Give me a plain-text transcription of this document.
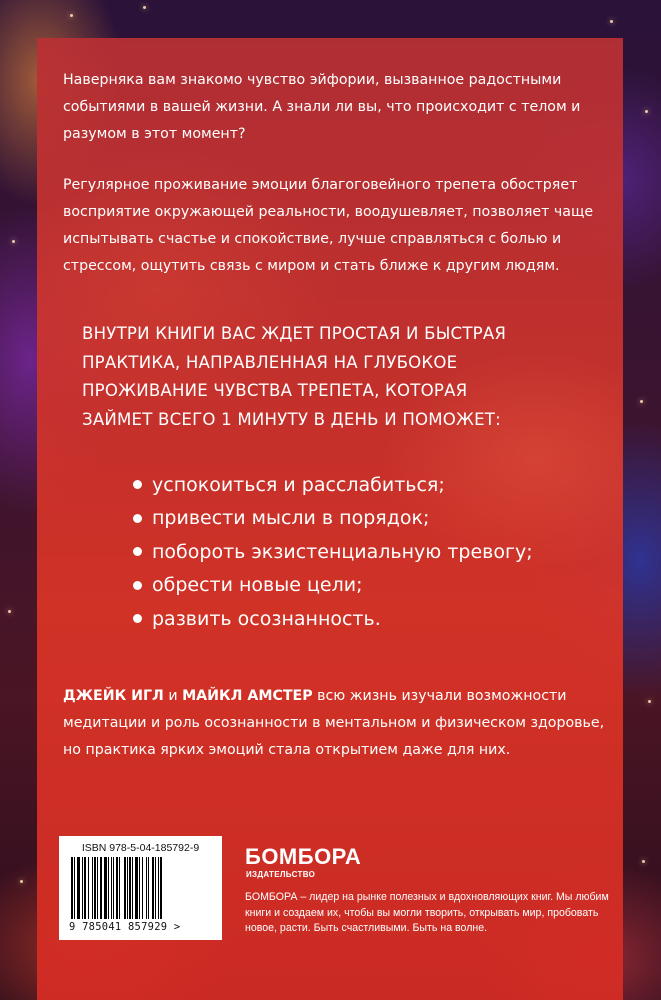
Наверняка вам знакомо чувство эйфории, вызванное радостными событиями в вашей жизни. А знали ли вы, что происходит с телом и разумом в этот момент?

Регулярное проживание эмоции благоговейного трепета обостряет восприятие окружающей реальности, воодушевляет, позволяет чаще испытывать счастье и спокойствие, лучше справляться с болью и стрессом, ощутить связь с миром и стать ближе к другим людям.

ВНУТРИ КНИГИ ВАС ЖДЕТ ПРОСТАЯ И БЫСТРАЯ
ПРАКТИКА, НАПРАВЛЕННАЯ НА ГЛУБОКОЕ
ПРОЖИВАНИЕ ЧУВСТВА ТРЕПЕТА, КОТОРАЯ
ЗАЙМЕТ ВСЕГО 1 МИНУТУ В ДЕНЬ И ПОМОЖЕТ:
успокоиться и расслабиться;
привести мысли в порядок;
побороть экзистенциальную тревогу;
обрести новые цели;
развить осознанность.

ДЖЕЙК ИГЛ и МАЙКЛ АМСТЕР всю жизнь изучали возможности медитации и роль осознанности в ментальном и физическом здоровье, но практика ярких эмоций стала открытием даже для них.

ISBN 978-5-04-185792-9
9 785041 857929 >
БОМБОРА
ИЗДАТЕЛЬСТВО

БОМБОРА – лидер на рынке полезных и вдохновляющих книг. Мы любим книги и создаем их, чтобы вы могли творить, открывать мир, пробовать новое, расти. Быть счастливыми. Быть на волне.
